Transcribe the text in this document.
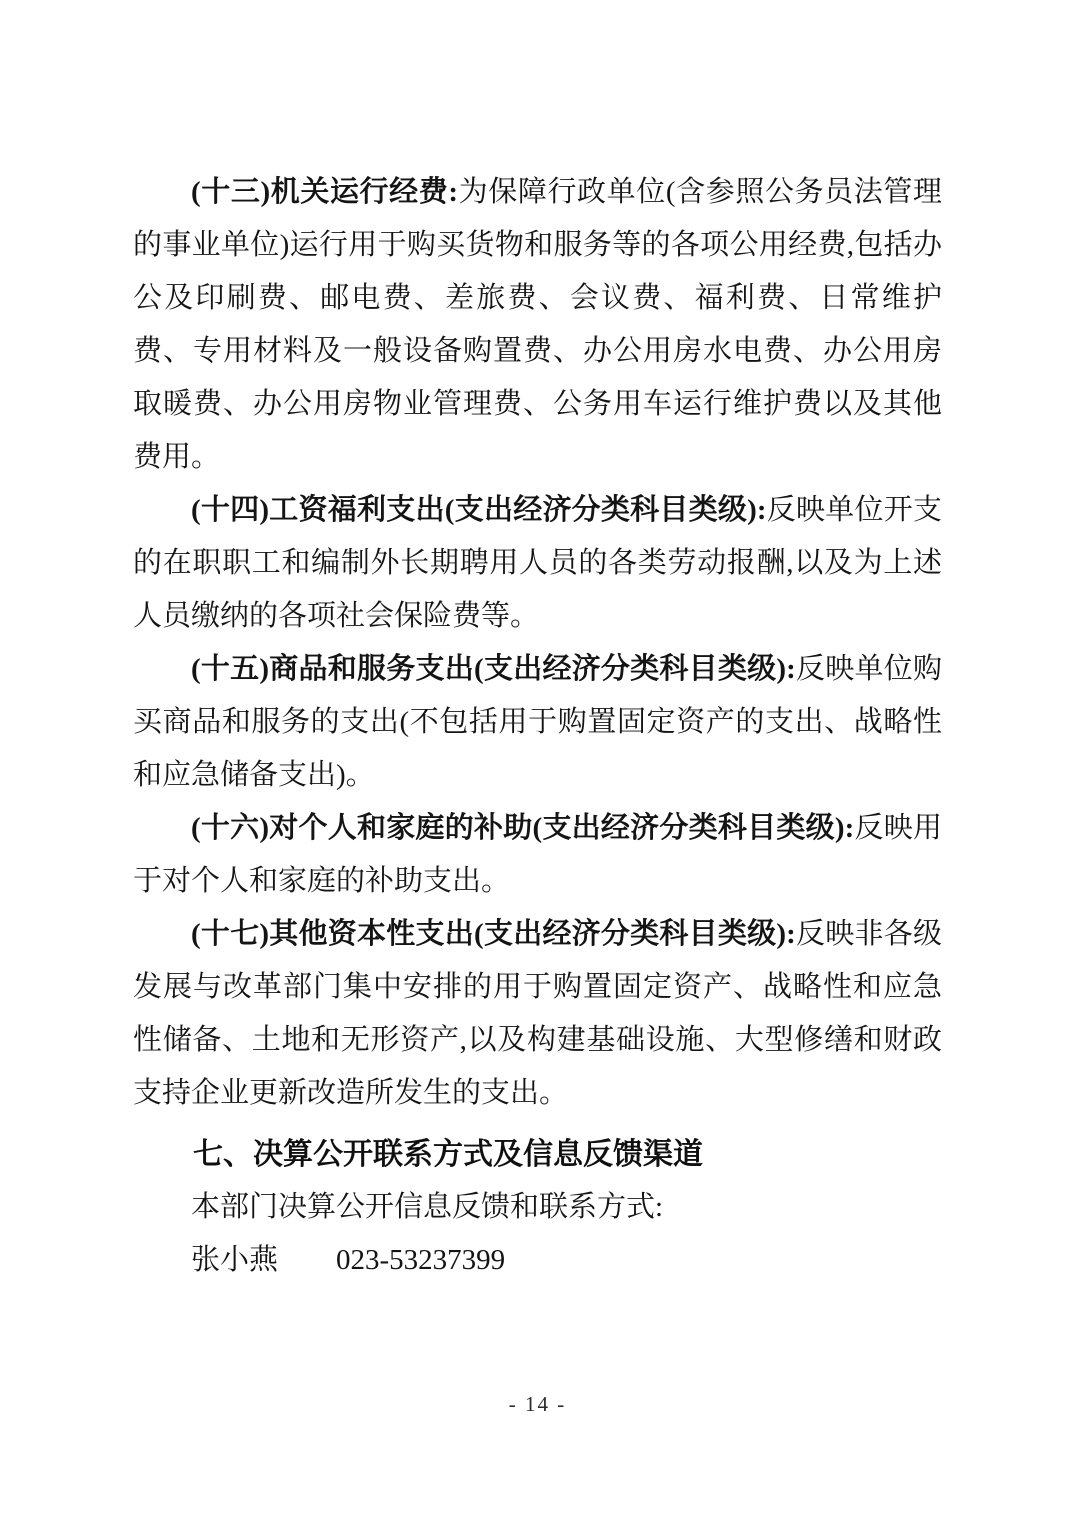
(十三)机关运行经费:为保障行政单位(含参照公务员法管理的事业单位)运行用于购买货物和服务等的各项公用经费,包括办公及印刷费、邮电费、差旅费、会议费、福利费、日常维护费、专用材料及一般设备购置费、办公用房水电费、办公用房取暖费、办公用房物业管理费、公务用车运行维护费以及其他费用。

(十四)工资福利支出(支出经济分类科目类级):反映单位开支的在职职工和编制外长期聘用人员的各类劳动报酬,以及为上述人员缴纳的各项社会保险费等。

(十五)商品和服务支出(支出经济分类科目类级):反映单位购买商品和服务的支出(不包括用于购置固定资产的支出、战略性和应急储备支出)。

(十六)对个人和家庭的补助(支出经济分类科目类级):反映用于对个人和家庭的补助支出。

(十七)其他资本性支出(支出经济分类科目类级):反映非各级发展与改革部门集中安排的用于购置固定资产、战略性和应急性储备、土地和无形资产,以及构建基础设施、大型修缮和财政支持企业更新改造所发生的支出。

七、决算公开联系方式及信息反馈渠道

本部门决算公开信息反馈和联系方式:

张小燕 023-53237399

- 14 -
